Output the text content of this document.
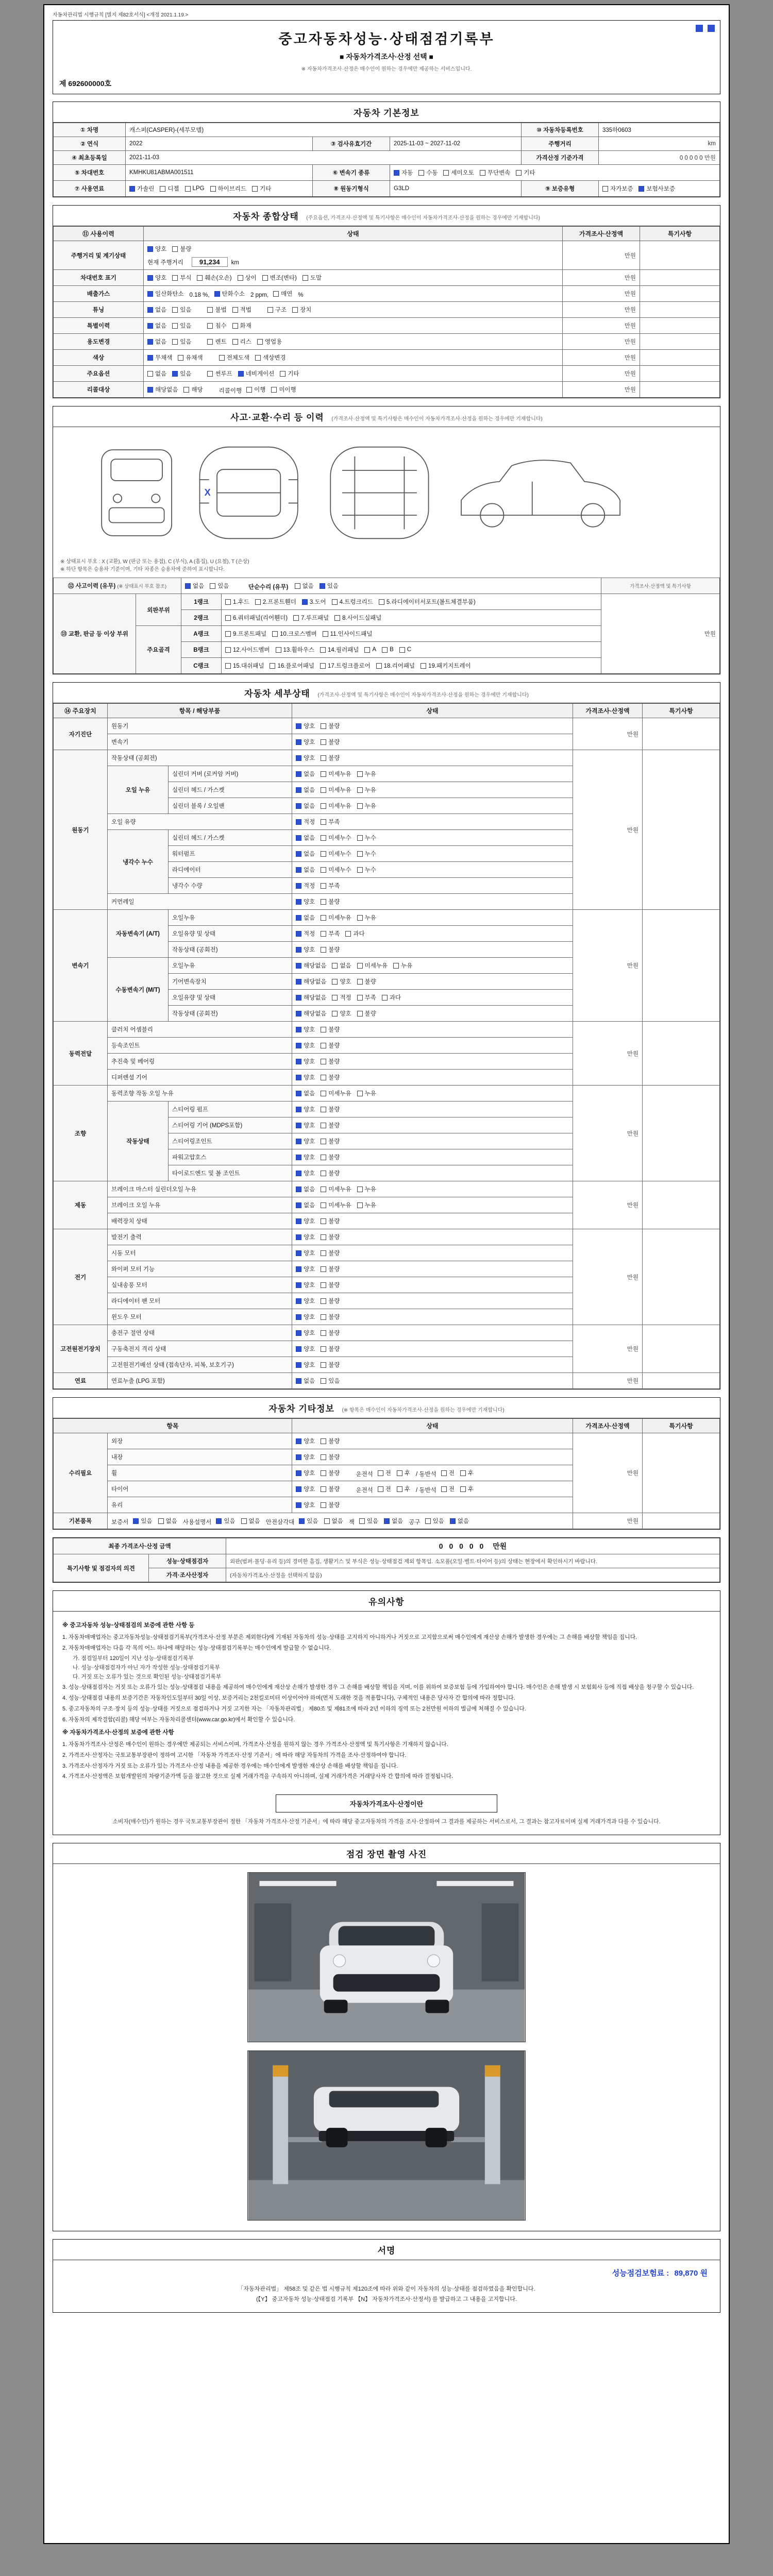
자동차관리법 시행규칙 [별지 제82호서식] <개정 2021.1.19.>

중고자동차성능·상태점검기록부
■ 자동차가격조사·산정 선택 ■
※ 자동차가격조사·산정은 매수인이 원하는 경우에만 제공하는 서비스입니다.
제 692600000호
자동차 기본정보
① 차명	캐스퍼(CASPER)-(세부모델)			⑩ 자동차등록번호	335하0603
② 연식	2022	③ 검사유효기간	2025-11-03 ~ 2027-11-02	주행거리	km
④ 최초등록일	2021-11-03			가격산정 기준가격	0 0 0 0 0 만원
⑤ 차대번호	KMHKU81ABMA001511	⑥ 변속기 종류	자동 수동 세미오토 무단변속 기타		

⑦ 사용연료	가솔린 디젤 LPG 하이브리드 기타	⑧ 원동기형식	G3LD	⑨ 보증유형	자가보증 보험사보증
자동차 종합상태 (주요옵션, 가격조사·산정액 및 특기사항은 매수인이 자동차가격조사·산정을 원하는 경우에만 기재합니다)
⑪ 사용이력	상태	가격조사·산정액	특기사항
주행거리 및 계기상태	양호 불량
현재 주행거리 91,234 km	만원	
차대번호 표기	양호 부식 훼손(오손) 상이 변조(변타) 도말	만원	
배출가스	일산화탄소 0.18 %, 탄화수소 2 ppm, 매연 %	만원	
튜닝	없음 있음	불법 적법	구조 장치	만원	
특별이력	없음 있음 침수 화재	만원	
용도변경	없음 있음 렌트 리스 영업용	만원	
색상	무채색 유채색 전체도색 색상변경	만원	
주요옵션	없음 있음 썬루프 네비게이션 기타	만원	
리콜대상	해당없음 해당 리콜이행 이행 미이행	만원	
사고·교환·수리 등 이력 (가격조사·산정액 및 특기사항은 매수인이 자동차가격조사·산정을 원하는 경우에만 기재합니다)
X
※ 상태표시 부호 : X (교환), W (판금 또는 용접), C (부식), A (흠집), U (요철), T (손상)
※ 하단 항목은 승용차 기준이며, 기타 차종은 승용차에 준하여 표시합니다.
⑫ 사고이력 (유무) (※ 상태표시 부호 참조)		없음 있음 단순수리 (유무) 없음 있음		가격조사·산정액 및 특기사항
⑬ 교환, 판금 등 이상 부위	외판부위	1랭크	1.후드 2.프론트휀더 3.도어 4.트렁크리드 5.라디에이터서포트(볼트체결부품)	만원
		2랭크	6.쿼터패널(리어휀더) 7.루프패널 8.사이드실패널	

	주요골격	A랭크	9.프론트패널 10.크로스멤버 11.인사이드패널	

B랭크	12.사이드멤버 13.휠하우스 14.필러패널 A B C

		C랭크	15.대쉬패널 16.플로어패널 17.트렁크플로어 18.리어패널 19.패키지트레이	
자동차 세부상태 (가격조사·산정액 및 특기사항은 매수인이 자동차가격조사·산정을 원하는 경우에만 기재합니다)
⑭ 주요장치	항목 / 해당부품		상태	가격조사·산정액	특기사항
자기진단	원동기		양호 불량	만원	
	변속기		양호 불량		

원동기	작동상태 (공회전)		양호 불량	만원	
	오일 누유	실린더 커버 (로커암 커버)	없음 미세누유 누유		

		실린더 헤드 / 가스켓	없음 미세누유 누유		

		실린더 블록 / 오일팬	없음 미세누유 누유		

	오일 유량		적정 부족		

	냉각수 누수	실린더 헤드 / 가스켓	없음 미세누수 누수		

		워터펌프	없음 미세누수 누수		

		라디에이터	없음 미세누수 누수		

		냉각수 수량	적정 부족		

	커먼레일		양호 불량		

변속기	자동변속기 (A/T)	오일누유	없음 미세누유 누유	만원	
		오일유량 및 상태	적정 부족 과다		

		작동상태 (공회전)	양호 불량		

	수동변속기 (M/T)	오일누유	해당없음 없음 미세누유 누유		

		기어변속장치	해당없음 양호 불량		

		오일유량 및 상태	해당없음 적정 부족 과다		

		작동상태 (공회전)	해당없음 양호 불량		

동력전달	클러치 어셈블리		양호 불량	만원	
	등속조인트		양호 불량		

	추진축 및 베어링		양호 불량		

	디퍼렌셜 기어		양호 불량		

조향	동력조향 작동 오일 누유		없음 미세누유 누유	만원	
	작동상태	스티어링 펌프	양호 불량		

		스티어링 기어 (MDPS포함)	양호 불량		

		스티어링조인트	양호 불량		

		파워고압호스	양호 불량		

		타이로드엔드 및 볼 조인트	양호 불량		

제동	브레이크 마스터 실린더오일 누유		없음 미세누유 누유	만원	
	브레이크 오일 누유		없음 미세누유 누유		

	배력장치 상태		양호 불량		

전기	발전기 출력		양호 불량	만원	
	시동 모터		양호 불량		

	와이퍼 모터 기능		양호 불량		

	실내송풍 모터		양호 불량		

	라디에이터 팬 모터		양호 불량		

	윈도우 모터		양호 불량		

고전원전기장치	충전구 절연 상태		양호 불량	만원	
	구동축전지 격리 상태		양호 불량		

	고전원전기배선 상태 (접속단자, 피복, 보호기구)		양호 불량		

연료	연료누출 (LPG 포함)		없음 있음	만원	
자동차 기타정보 (※ 항목은 매수인이 자동차가격조사·산정을 원하는 경우에만 기재합니다)
항목		상태	가격조사·산정액	특기사항
수리필요	외장	양호 불량	만원	
	내장	양호 불량		

휠	양호 불량	운전석 전 후 / 동반석 전 후

타이어	양호 불량	운전석 전 후 / 동반석 전 후

	유리	양호 불량		

기본품목	보증서 있음 없음 사용설명서 있음 없음 안전삼각대 있음 없음 잭 있음 없음 공구 있음 없음	만원	
최종 가격조사·산정 금액		0 0 0 0 0 만원
특기사항 및 점검자의 의견	성능·상태점검자	외판(범퍼·몰딩·유리 등)의 경미한 흠집, 생활기스 및 부식은 성능·상태점검 제외 항목임. 소모품(오일·벨트·타이어 등)의 상태는 현장에서 확인하시기 바랍니다.
	가격·조사산정자	(자동차가격조사·산정을 선택하지 않음)
유의사항
※ 중고자동차 성능·상태점검의 보증에 관한 사항 등
1. 자동차매매업자는 중고자동차성능·상태점검기록부(가격조사·산정 부분은 제외한다)에 기재된 자동차의 성능·상태를 고지하지 아니하거나 거짓으로 고지함으로써 매수인에게 재산상 손해가 발생한 경우에는 그 손해를 배상할 책임을 집니다.
2. 자동차매매업자는 다음 각 목의 어느 하나에 해당하는 성능·상태점검기록부는 매수인에게 발급할 수 없습니다.
가. 점검일부터 120일이 지난 성능·상태점검기록부
나. 성능·상태점검자가 아닌 자가 작성한 성능·상태점검기록부
다. 거짓 또는 오류가 있는 것으로 확인된 성능·상태점검기록부
3. 성능·상태점검자는 거짓 또는 오류가 있는 성능·상태점검 내용을 제공하여 매수인에게 재산상 손해가 발생한 경우 그 손해를 배상할 책임을 지며, 이를 위하여 보증보험 등에 가입하여야 합니다. 매수인은 손해 발생 시 보험회사 등에 직접 배상을 청구할 수 있습니다.
4. 성능·상태점검 내용의 보증기간은 자동차인도일부터 30일 이상, 보증거리는 2천킬로미터 이상이어야 하며(먼저 도래한 것을 적용합니다), 구체적인 내용은 당사자 간 합의에 따라 정합니다.
5. 중고자동차의 구조·장치 등의 성능·상태를 거짓으로 점검하거나 거짓 고지한 자는 「자동차관리법」 제80조 및 제81조에 따라 2년 이하의 징역 또는 2천만원 이하의 벌금에 처해질 수 있습니다.
6. 자동차의 제작결함(리콜) 해당 여부는 자동차리콜센터(www.car.go.kr)에서 확인할 수 있습니다.
※ 자동차가격조사·산정의 보증에 관한 사항
1. 자동차가격조사·산정은 매수인이 원하는 경우에만 제공되는 서비스이며, 가격조사·산정을 원하지 않는 경우 가격조사·산정액 및 특기사항은 기재하지 않습니다.
2. 가격조사·산정자는 국토교통부장관이 정하여 고시한 「자동차 가격조사·산정 기준서」에 따라 해당 자동차의 가격을 조사·산정하여야 합니다.
3. 가격조사·산정자가 거짓 또는 오류가 있는 가격조사·산정 내용을 제공한 경우에는 매수인에게 발생한 재산상 손해를 배상할 책임을 집니다.
4. 가격조사·산정액은 보험개발원의 차량기준가액 등을 참고한 것으로 실제 거래가격을 구속하지 아니하며, 실제 거래가격은 거래당사자 간 합의에 따라 결정됩니다.
자동차가격조사·산정이란
소비자(매수인)가 원하는 경우 국토교통부장관이 정한 「자동차 가격조사·산정 기준서」에 따라 해당 중고자동차의 가격을 조사·산정하여 그 결과를 제공하는 서비스로서, 그 결과는 참고자료이며 실제 거래가격과 다를 수 있습니다.
점검 장면 촬영 사진
서명
성능점검보험료 : 89,870 원
「자동차관리법」 제58조 및 같은 법 시행규칙 제120조에 따라 위와 같이 자동차의 성능·상태를 점검하였음을 확인합니다.
(【Y】 중고자동차 성능·상태점검 기록부 【N】 자동차가격조사·산정서) 를 발급하고 그 내용을 고지합니다.
